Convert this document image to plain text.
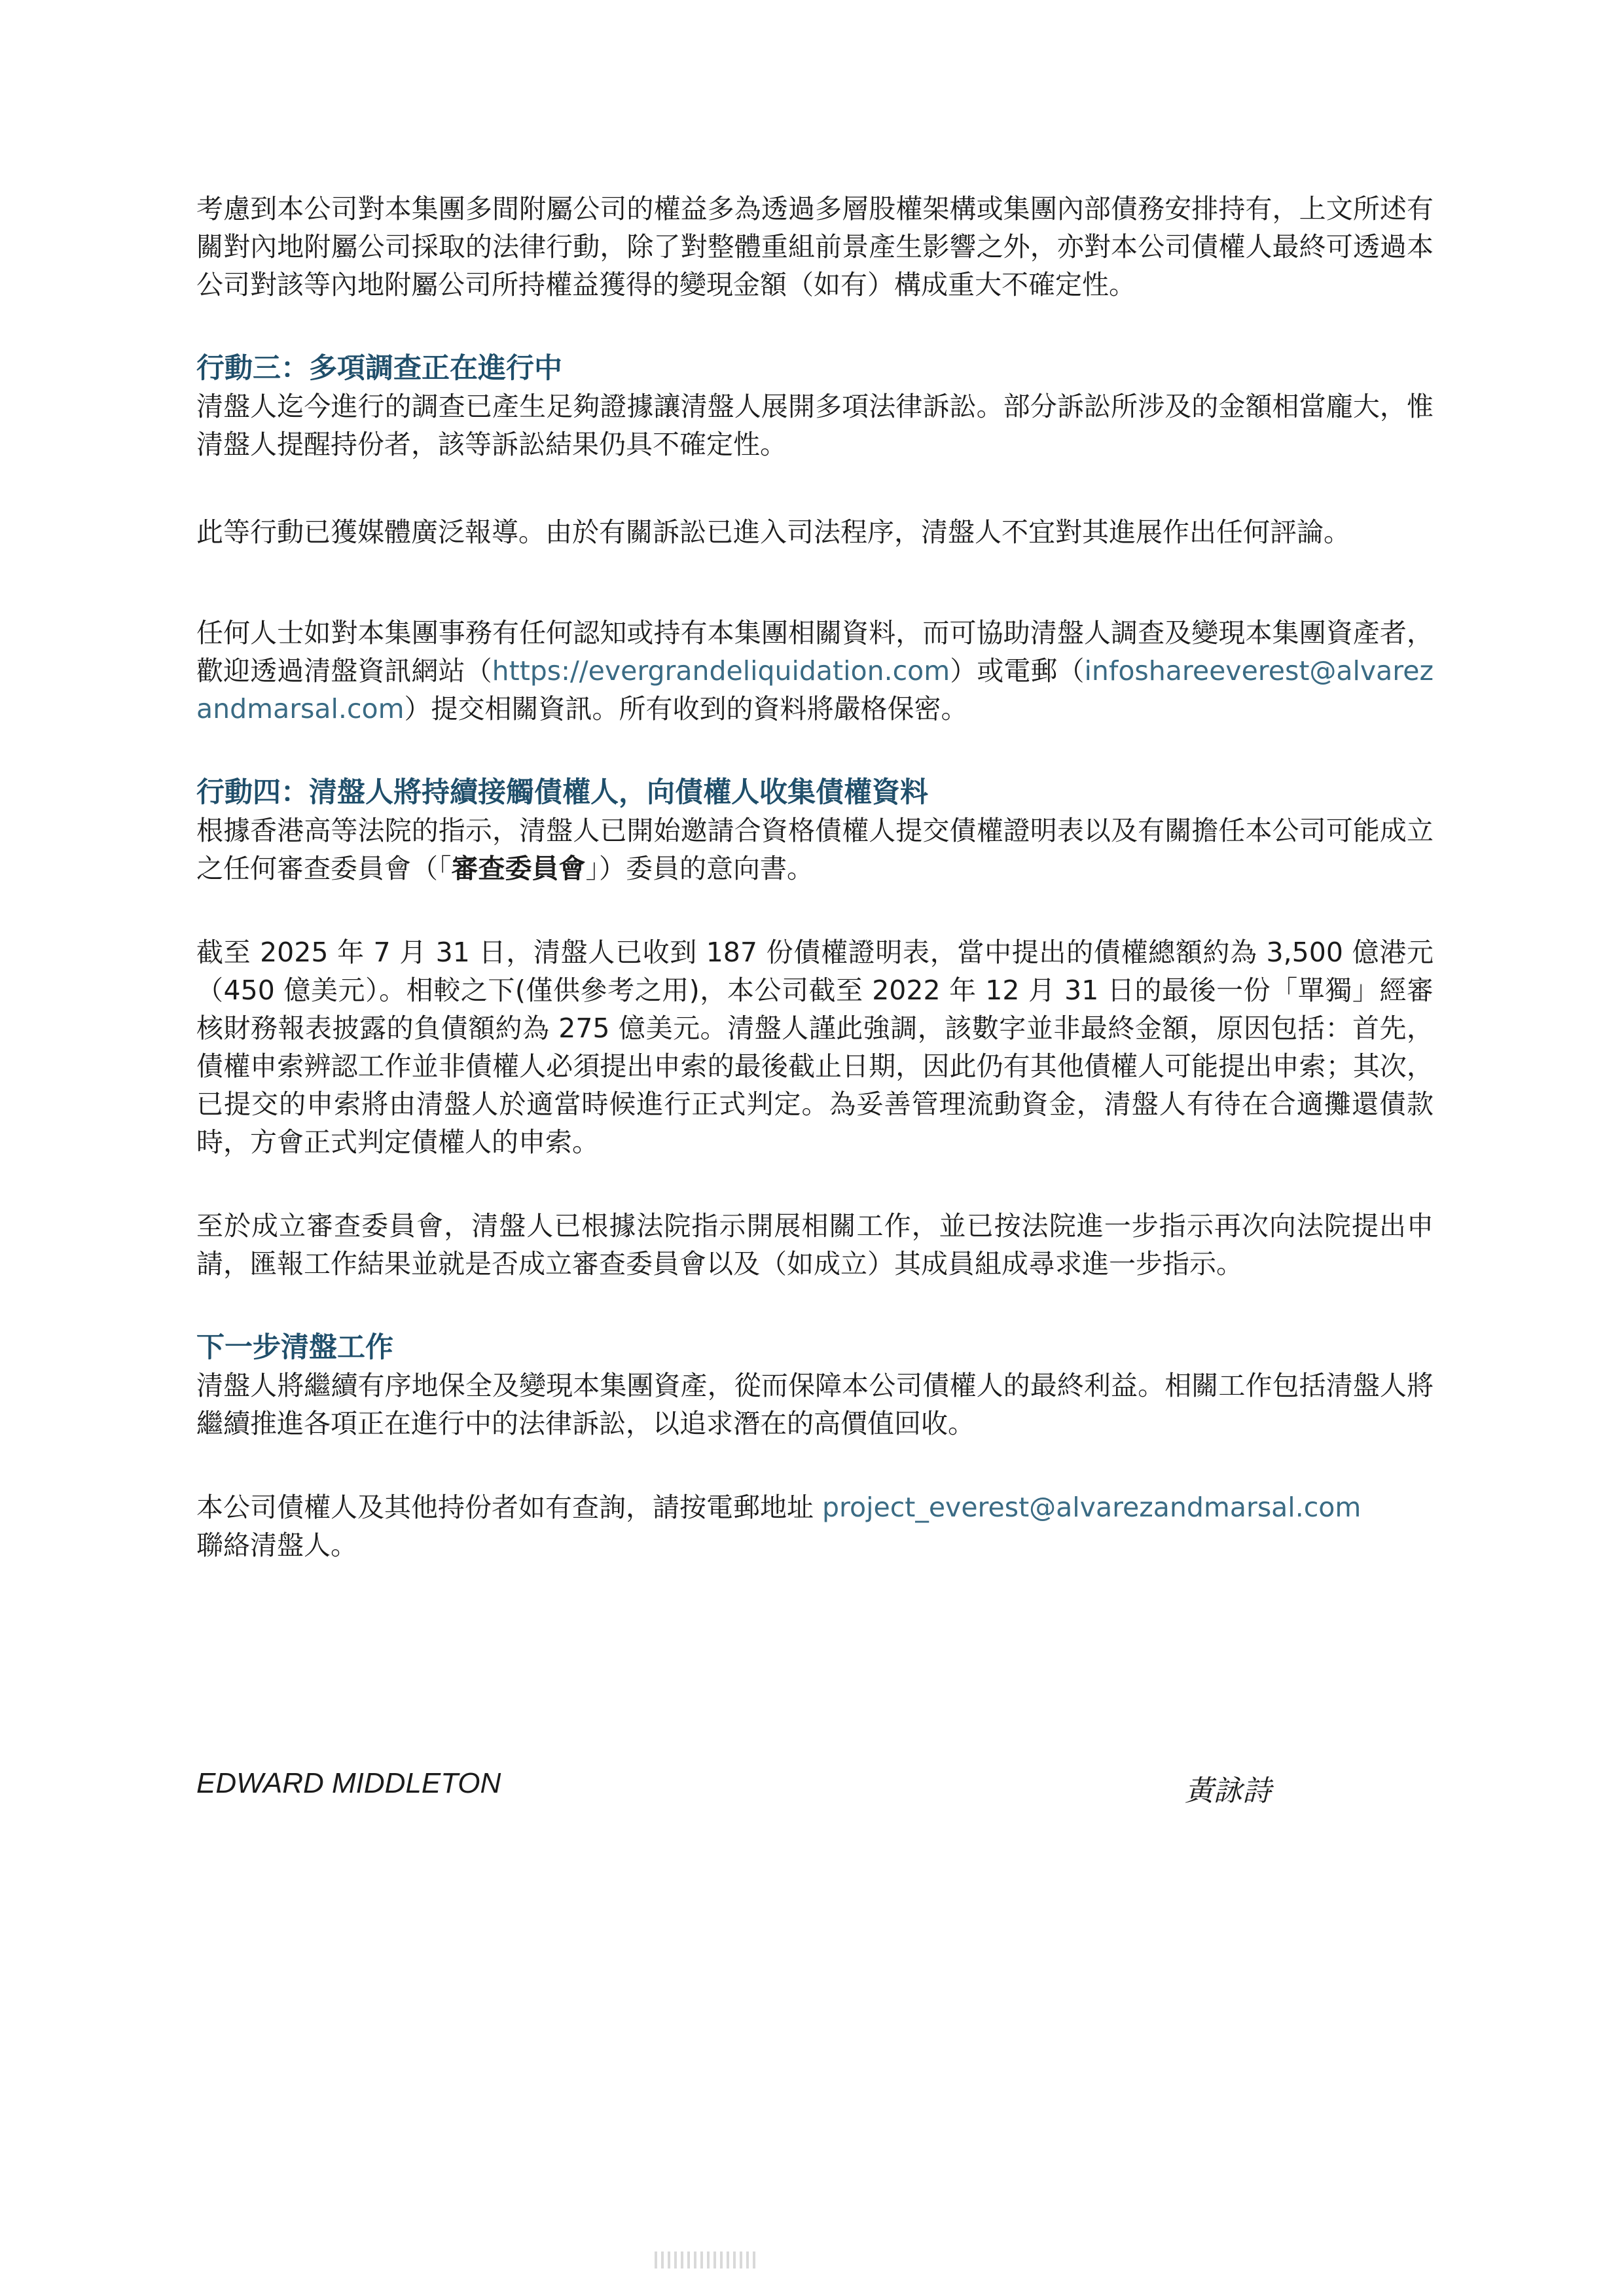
考慮到本公司對本集團多間附屬公司的權益多為透過多層股權架構或集團內部債務安排持有，上文所述有關對內地附屬公司採取的法律行動，除了對整體重組前景產生影響之外，亦對本公司債權人最終可透過本公司對該等內地附屬公司所持權益獲得的變現金額（如有）構成重大不確定性。

行動三：多項調查正在進行中

清盤人迄今進行的調查已產生足夠證據讓清盤人展開多項法律訴訟。部分訴訟所涉及的金額相當龐大，惟清盤人提醒持份者，該等訴訟結果仍具不確定性。

此等行動已獲媒體廣泛報導。由於有關訴訟已進入司法程序，清盤人不宜對其進展作出任何評論。

任何人士如對本集團事務有任何認知或持有本集團相關資料，而可協助清盤人調查及變現本集團資產者，歡迎透過清盤資訊網站（https://evergrandeliquidation.com）或電郵（infoshareeverest@alvarezandmarsal.com）提交相關資訊。所有收到的資料將嚴格保密。

行動四：清盤人將持續接觸債權人，向債權人收集債權資料

根據香港高等法院的指示，清盤人已開始邀請合資格債權人提交債權證明表以及有關擔任本公司可能成立之任何審查委員會（「審查委員會」）委員的意向書。

截至 2025 年 7 月 31 日，清盤人已收到 187 份債權證明表，當中提出的債權總額約為 3,500 億港元（450 億美元）。相較之下(僅供參考之用)，本公司截至 2022 年 12 月 31 日的最後一份「單獨」經審核財務報表披露的負債額約為 275 億美元。清盤人謹此強調，該數字並非最終金額，原因包括：首先，債權申索辨認工作並非債權人必須提出申索的最後截止日期，因此仍有其他債權人可能提出申索；其次，已提交的申索將由清盤人於適當時候進行正式判定。為妥善管理流動資金，清盤人有待在合適攤還債款時，方會正式判定債權人的申索。

至於成立審查委員會，清盤人已根據法院指示開展相關工作，並已按法院進一步指示再次向法院提出申請，匯報工作結果並就是否成立審查委員會以及（如成立）其成員組成尋求進一步指示。

下一步清盤工作

清盤人將繼續有序地保全及變現本集團資產，從而保障本公司債權人的最終利益。相關工作包括清盤人將繼續推進各項正在進行中的法律訴訟，以追求潛在的高價值回收。

本公司債權人及其他持份者如有查詢，請按電郵地址 project_everest@alvarezandmarsal.com
聯絡清盤人。

EDWARD MIDDLETON	黃詠詩
